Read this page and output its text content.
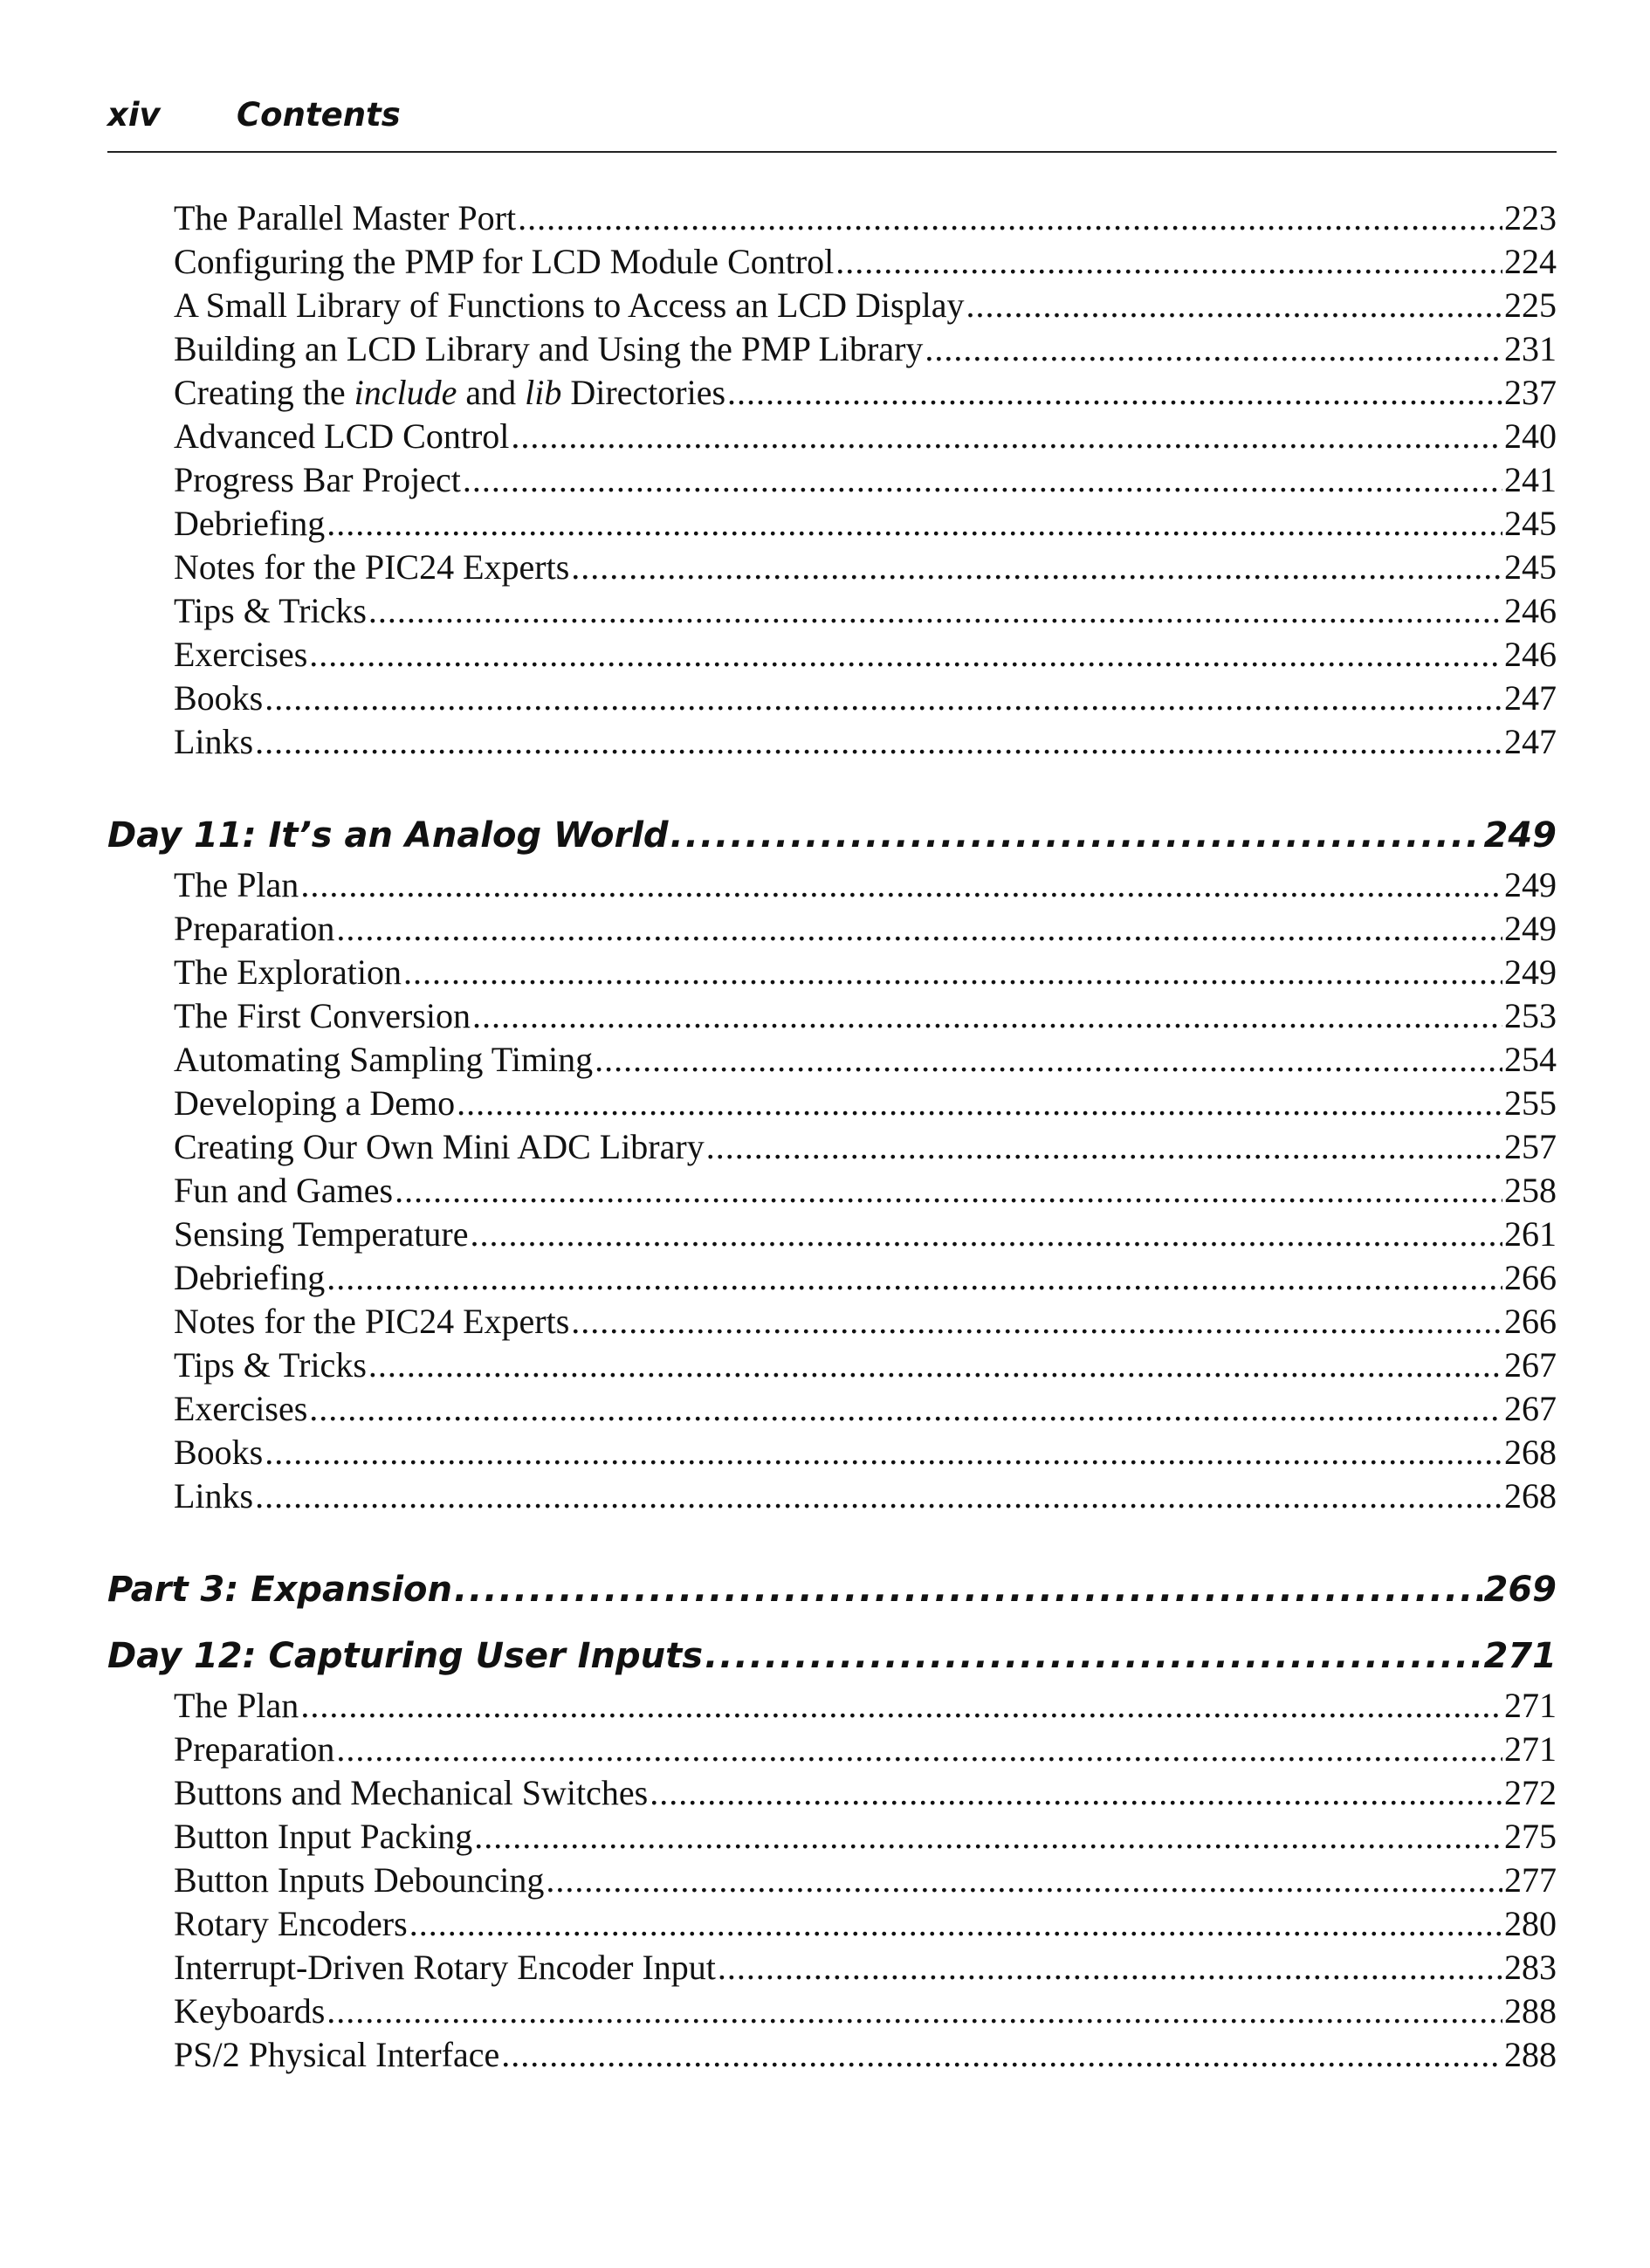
xiv Contents
The Parallel Master Port .....	223
Configuring the PMP for LCD Module Control .....	224
A Small Library of Functions to Access an LCD Display .....	225
Building an LCD Library and Using the PMP Library .....	231
Creating the include and lib Directories .....	237
Advanced LCD Control .....	240
Progress Bar Project .....	241
Debriefing .....	245
Notes for the PIC24 Experts .....	245
Tips & Tricks .....	246
Exercises .....	246
Books .....	247
Links .....	247
Day 11: It’s an Analog World .....	249
The Plan .....	249
Preparation .....	249
The Exploration .....	249
The First Conversion .....	253
Automating Sampling Timing .....	254
Developing a Demo .....	255
Creating Our Own Mini ADC Library .....	257
Fun and Games .....	258
Sensing Temperature .....	261
Debriefing .....	266
Notes for the PIC24 Experts .....	266
Tips & Tricks .....	267
Exercises .....	267
Books .....	268
Links .....	268
Part 3: Expansion .....	269
Day 12: Capturing User Inputs .....	271
The Plan .....	271
Preparation .....	271
Buttons and Mechanical Switches .....	272
Button Input Packing .....	275
Button Inputs Debouncing .....	277
Rotary Encoders .....	280
Interrupt-Driven Rotary Encoder Input .....	283
Keyboards .....	288
PS/2 Physical Interface .....	288
